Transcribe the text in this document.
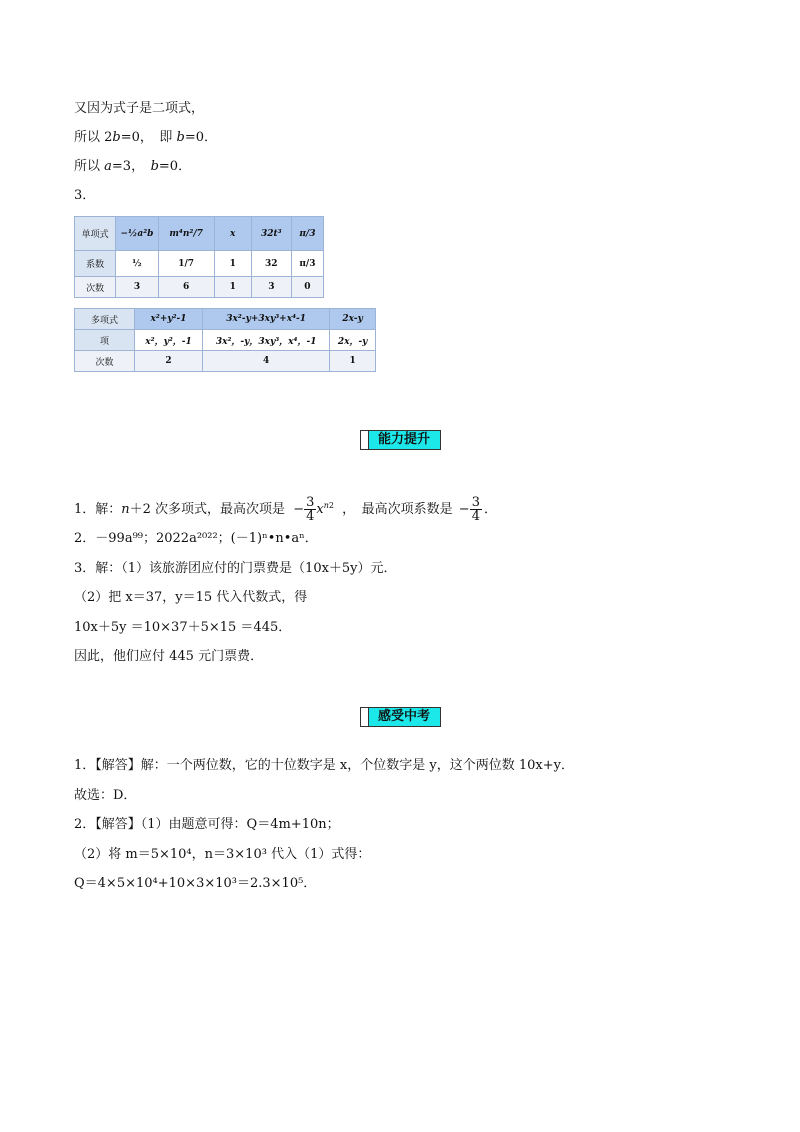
又因为式子是二项式，
所以 2b=0，　即 b=0．
所以 a=3，　b=0．
3．
单项式	−½a²b	m⁴n²/7	x	32t³	π/3
系数	½	1/7	1	32	π/3
次数	3	6	1	3	0
多项式	x²+y²-1	3x²-y+3xy³+x⁴-1	2x-y
项	x²，y²，-1	3x²，-y，3xy³，x⁴，-1	2x，-y
次数	2	4	1
能力提升
1．解：n＋2 次多项式，最高次项是 − $\frac{3}{4} x^{n2}$ ，　最高次项系数是 − $\frac{3}{4}$ ．
2．－99a⁹⁹；2022a²⁰²²；(－1)ⁿ•n•aⁿ．
3．解：（1）该旅游团应付的门票费是（10x＋5y）元．
（2）把 x＝37，y＝15 代入代数式，得
10x＋5y ＝10×37＋5×15 ＝445．
因此，他们应付 445 元门票费．
感受中考
1．【解答】解：一个两位数，它的十位数字是 x，个位数字是 y，这个两位数 10x+y．
故选：D．
2．【解答】（1）由题意可得：Q＝4m+10n；
（2）将 m＝5×10⁴，n＝3×10³ 代入（1）式得：
Q＝4×5×10⁴+10×3×10³＝2.3×10⁵．
